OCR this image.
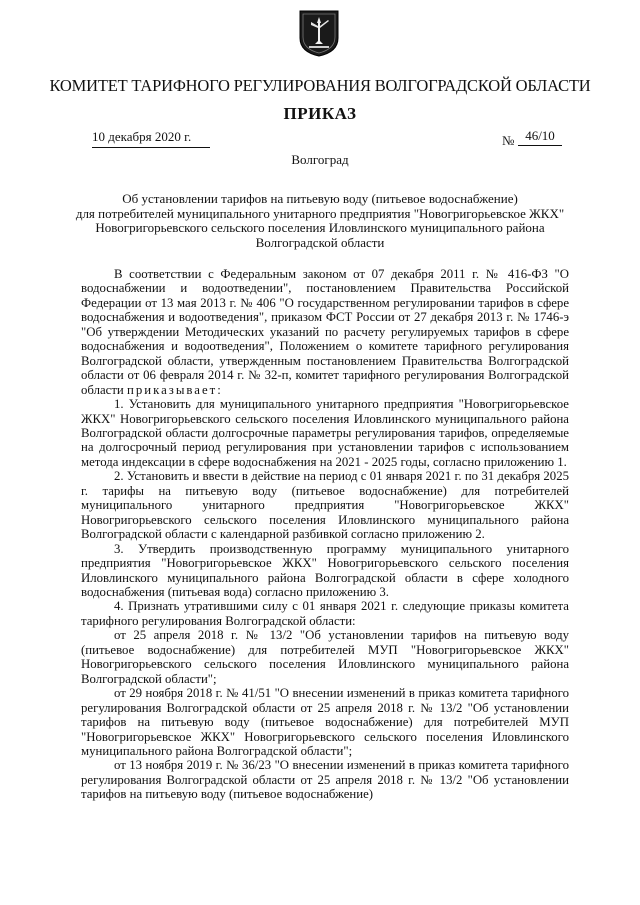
КОМИТЕТ ТАРИФНОГО РЕГУЛИРОВАНИЯ ВОЛГОГРАДСКОЙ ОБЛАСТИ
ПРИКАЗ
10 декабря 2020 г.	№ 46/10
Волгоград
Об установлении тарифов на питьевую воду (питьевое водоснабжение)
для потребителей муниципального унитарного предприятия "Новогригорьевское ЖКХ"
Новогригорьевского сельского поселения Иловлинского муниципального района
Волгоградской области

В соответствии с Федеральным законом от 07 декабря 2011 г. № 416-ФЗ "О водоснабжении и водоотведении", постановлением Правительства Российской Федерации от 13 мая 2013 г. № 406 "О государственном регулировании тарифов в сфере водоснабжения и водоотведения", приказом ФСТ России от 27 декабря 2013 г. № 1746-э "Об утверждении Методических указаний по расчету регулируемых тарифов в сфере водоснабжения и водоотведения", Положением о комитете тарифного регулирования Волгоградской области, утвержденным постановлением Правительства Волгоградской области от 06 февраля 2014 г. № 32-п, комитет тарифного регулирования Волгоградской области приказывает:

1. Установить для муниципального унитарного предприятия "Новогригорьевское ЖКХ" Новогригорьевского сельского поселения Иловлинского муниципального района Волгоградской области долгосрочные параметры регулирования тарифов, определяемые на долгосрочный период регулирования при установлении тарифов с использованием метода индексации в сфере водоснабжения на 2021 - 2025 годы, согласно приложению 1.

2. Установить и ввести в действие на период с 01 января 2021 г. по 31 декабря 2025 г. тарифы на питьевую воду (питьевое водоснабжение) для потребителей муниципального унитарного предприятия "Новогригорьевское ЖКХ" Новогригорьевского сельского поселения Иловлинского муниципального района Волгоградской области с календарной разбивкой согласно приложению 2.

3. Утвердить производственную программу муниципального унитарного предприятия "Новогригорьевское ЖКХ" Новогригорьевского сельского поселения Иловлинского муниципального района Волгоградской области в сфере холодного водоснабжения (питьевая вода) согласно приложению 3.

4. Признать утратившими силу с 01 января 2021 г. следующие приказы комитета тарифного регулирования Волгоградской области:

от 25 апреля 2018 г. № 13/2 "Об установлении тарифов на питьевую воду (питьевое водоснабжение) для потребителей МУП "Новогригорьевское ЖКХ" Новогригорьевского сельского поселения Иловлинского муниципального района Волгоградской области";

от 29 ноября 2018 г. № 41/51 "О внесении изменений в приказ комитета тарифного регулирования Волгоградской области от 25 апреля 2018 г. № 13/2 "Об установлении тарифов на питьевую воду (питьевое водоснабжение) для потребителей МУП "Новогригорьевское ЖКХ" Новогригорьевского сельского поселения Иловлинского муниципального района Волгоградской области";

от 13 ноября 2019 г. № 36/23 "О внесении изменений в приказ комитета тарифного регулирования Волгоградской области от 25 апреля 2018 г. № 13/2 "Об установлении тарифов на питьевую воду (питьевое водоснабжение)
